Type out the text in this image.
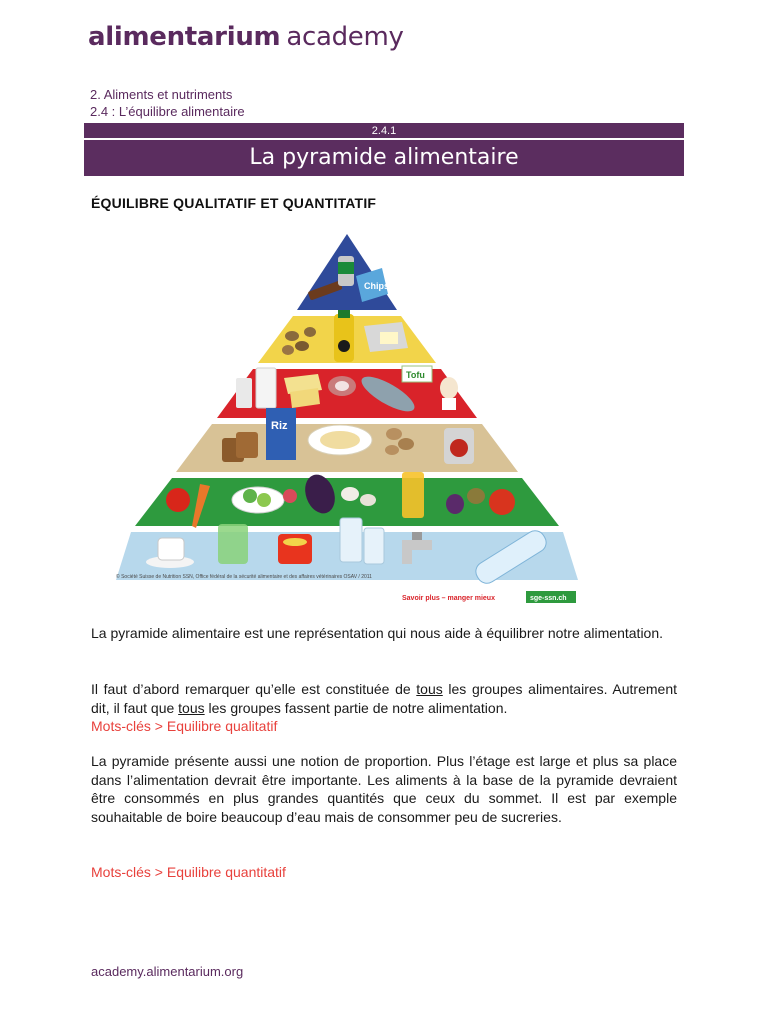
alimentarium academy
2. Aliments et nutriments
2.4 : L’équilibre alimentaire
2.4.1
La pyramide alimentaire
ÉQUILIBRE QUALITATIF ET QUANTITATIF
Chips
Tofu
Riz
© Société Suisse de Nutrition SSN, Office fédéral de la sécurité alimentaire et des affaires vétérinaires OSAV / 2011
Savoir plus – manger mieux	sge-ssn.ch
La pyramide alimentaire est une représentation qui nous aide à équilibrer notre alimentation.
Il faut d’abord remarquer qu’elle est constituée de tous les groupes alimentaires. Autrement dit, il faut que tous les groupes fassent partie de notre alimentation.
Mots-clés > Equilibre qualitatif
La pyramide présente aussi une notion de proportion. Plus l’étage est large et plus sa place dans l’alimentation devrait être importante. Les aliments à la base de la pyramide devraient être consommés en plus grandes quantités que ceux du sommet. Il est par exemple souhaitable de boire beaucoup d’eau mais de consommer peu de sucreries.
Mots-clés > Equilibre quantitatif
academy.alimentarium.org
